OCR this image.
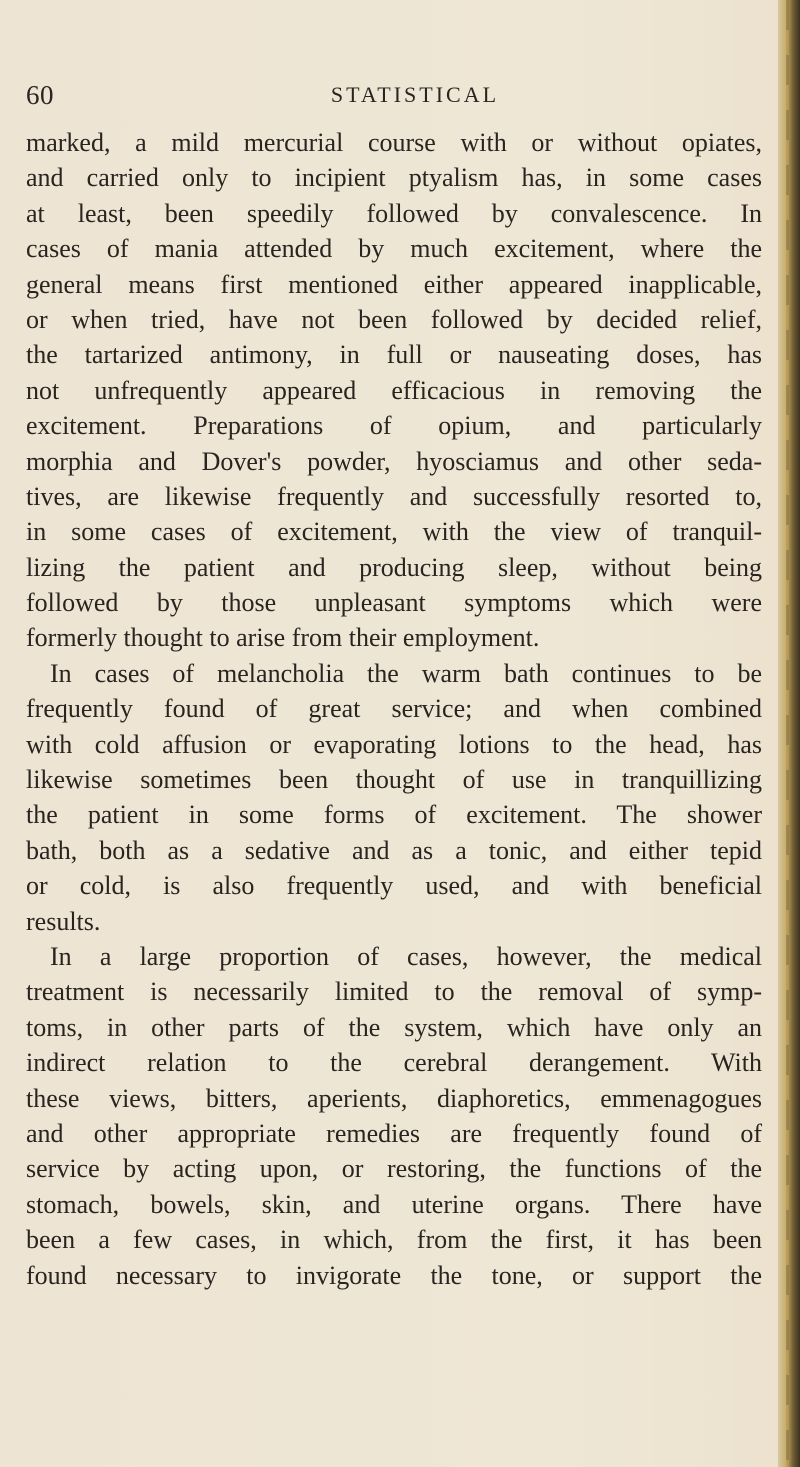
60	STATISTICAL
marked, a mild mercurial course with or without opiates,
and carried only to incipient ptyalism has, in some cases
at least, been speedily followed by convalescence. In
cases of mania attended by much excitement, where the
general means first mentioned either appeared inapplicable,
or when tried, have not been followed by decided relief,
the tartarized antimony, in full or nauseating doses, has
not unfrequently appeared efficacious in removing the
excitement. Preparations of opium, and particularly
morphia and Dover's powder, hyosciamus and other seda-
tives, are likewise frequently and successfully resorted to,
in some cases of excitement, with the view of tranquil-
lizing the patient and producing sleep, without being
followed by those unpleasant symptoms which were
formerly thought to arise from their employment.
In cases of melancholia the warm bath continues to be
frequently found of great service; and when combined
with cold affusion or evaporating lotions to the head, has
likewise sometimes been thought of use in tranquillizing
the patient in some forms of excitement. The shower
bath, both as a sedative and as a tonic, and either tepid
or cold, is also frequently used, and with beneficial
results.
In a large proportion of cases, however, the medical
treatment is necessarily limited to the removal of symp-
toms, in other parts of the system, which have only an
indirect relation to the cerebral derangement. With
these views, bitters, aperients, diaphoretics, emmenagogues
and other appropriate remedies are frequently found of
service by acting upon, or restoring, the functions of the
stomach, bowels, skin, and uterine organs. There have
been a few cases, in which, from the first, it has been
found necessary to invigorate the tone, or support the
